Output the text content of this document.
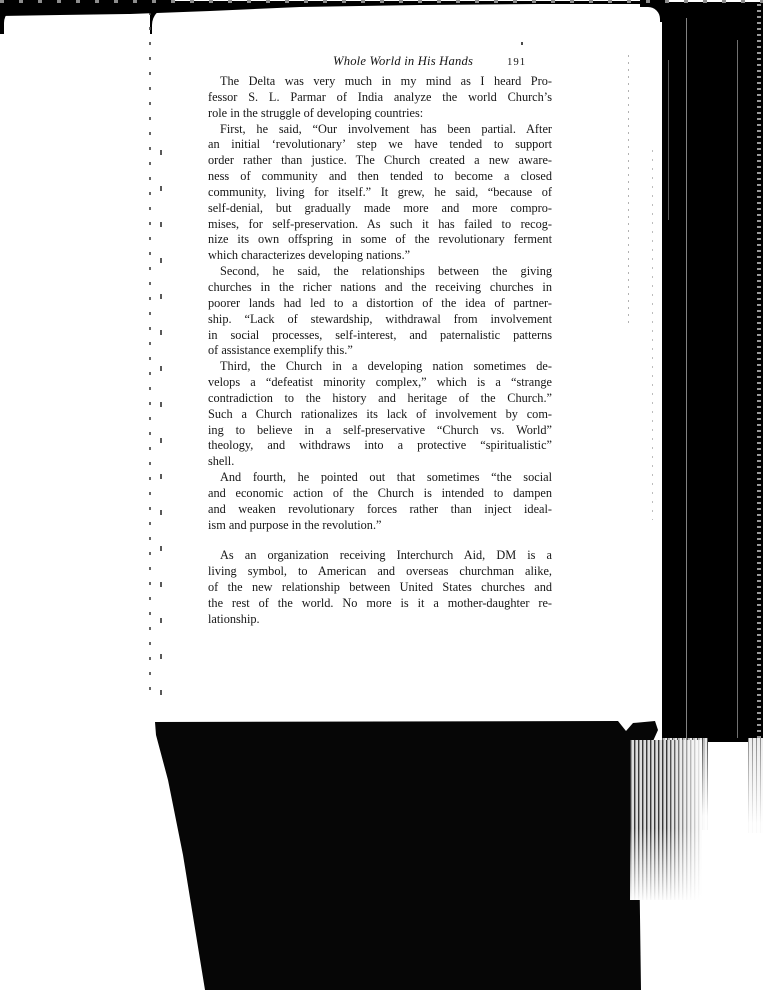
Whole World in His Hands	191

The Delta was very much in my mind as I heard Pro-
fessor S. L. Parmar of India analyze the world Church’s
role in the struggle of developing countries:

First, he said, “Our involvement has been partial. After
an initial ‘revolutionary’ step we have tended to support
order rather than justice. The Church created a new aware-
ness of community and then tended to become a closed
community, living for itself.” It grew, he said, “because of
self-denial, but gradually made more and more compro-
mises, for self-preservation. As such it has failed to recog-
nize its own offspring in some of the revolutionary ferment
which characterizes developing nations.”

Second, he said, the relationships between the giving
churches in the richer nations and the receiving churches in
poorer lands had led to a distortion of the idea of partner-
ship. “Lack of stewardship, withdrawal from involvement
in social processes, self-interest, and paternalistic patterns
of assistance exemplify this.”

Third, the Church in a developing nation sometimes de-
velops a “defeatist minority complex,” which is a “strange
contradiction to the history and heritage of the Church.”
Such a Church rationalizes its lack of involvement by com-
ing to believe in a self-preservative “Church vs. World”
theology, and withdraws into a protective “spiritualistic”
shell.

And fourth, he pointed out that sometimes “the social
and economic action of the Church is intended to dampen
and weaken revolutionary forces rather than inject ideal-
ism and purpose in the revolution.”

As an organization receiving Interchurch Aid, DM is a
living symbol, to American and overseas churchman alike,
of the new relationship between United States churches and
the rest of the world. No more is it a mother-daughter re-
lationship.
